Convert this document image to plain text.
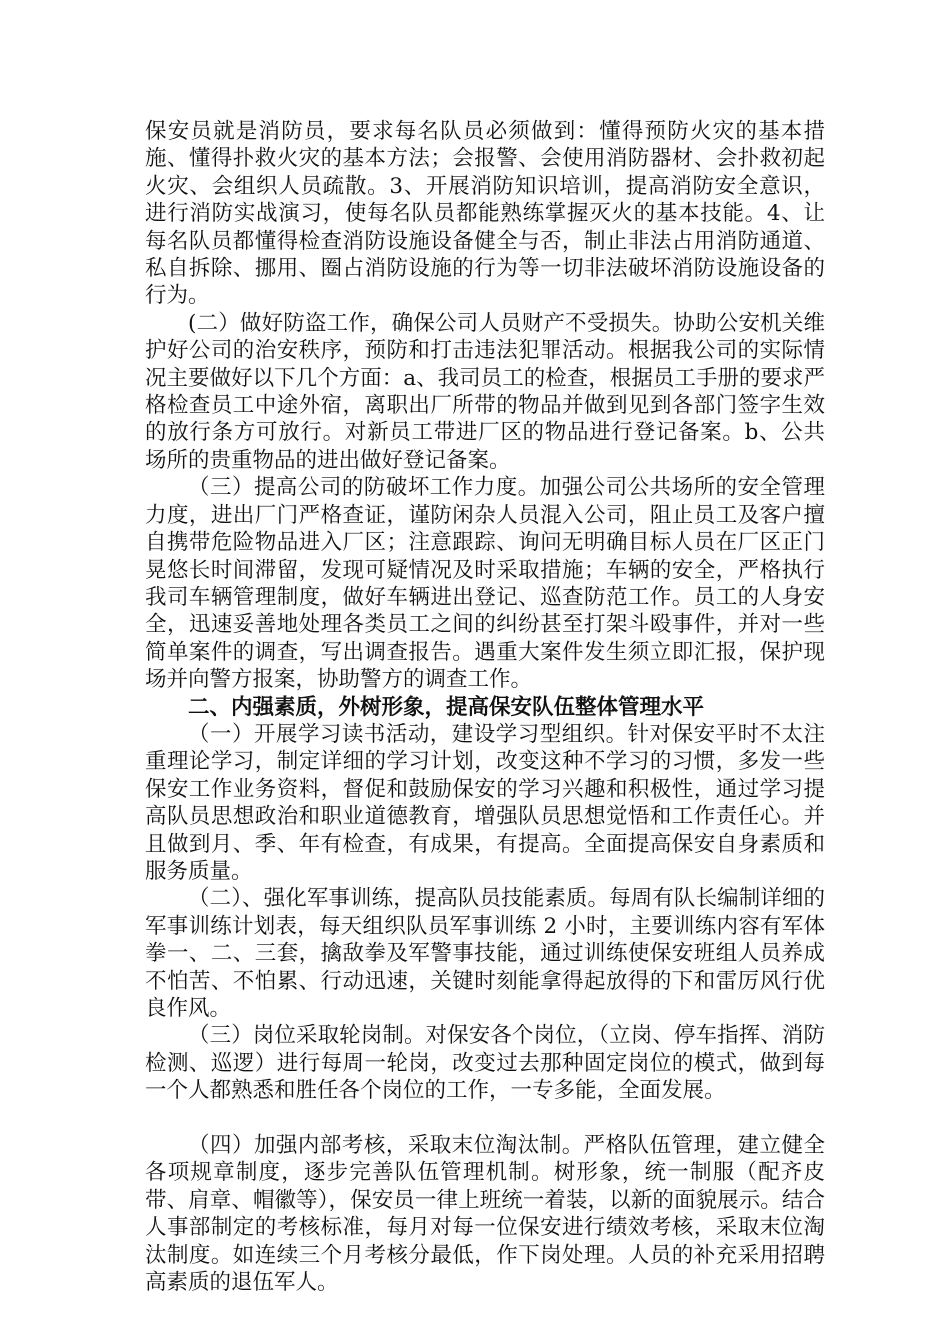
保安员就是消防员，要求每名队员必须做到：懂得预防火灾的基本措施、懂得扑救火灾的基本方法；会报警、会使用消防器材、会扑救初起火灾、会组织人员疏散。3、开展消防知识培训，提高消防安全意识，进行消防实战演习，使每名队员都能熟练掌握灭火的基本技能。4、让每名队员都懂得检查消防设施设备健全与否，制止非法占用消防通道、私自拆除、挪用、圈占消防设施的行为等一切非法破坏消防设施设备的行为。

(二）做好防盗工作，确保公司人员财产不受损失。协助公安机关维护好公司的治安秩序，预防和打击违法犯罪活动。根据我公司的实际情况主要做好以下几个方面：a、我司员工的检查，根据员工手册的要求严格检查员工中途外宿，离职出厂所带的物品并做到见到各部门签字生效的放行条方可放行。对新员工带进厂区的物品进行登记备案。b、公共场所的贵重物品的进出做好登记备案。

（三）提高公司的防破坏工作力度。加强公司公共场所的安全管理力度，进出厂门严格查证，谨防闲杂人员混入公司，阻止员工及客户擅自携带危险物品进入厂区；注意跟踪、询问无明确目标人员在厂区正门晃悠长时间滞留，发现可疑情况及时采取措施；车辆的安全，严格执行我司车辆管理制度，做好车辆进出登记、巡查防范工作。员工的人身安全，迅速妥善地处理各类员工之间的纠纷甚至打架斗殴事件，并对一些简单案件的调查，写出调查报告。遇重大案件发生须立即汇报，保护现场并向警方报案，协助警方的调查工作。

二、内强素质，外树形象，提高保安队伍整体管理水平

（一）开展学习读书活动，建设学习型组织。针对保安平时不太注重理论学习，制定详细的学习计划，改变这种不学习的习惯，多发一些保安工作业务资料，督促和鼓励保安的学习兴趣和积极性，通过学习提高队员思想政治和职业道德教育，增强队员思想觉悟和工作责任心。并且做到月、季、年有检查，有成果，有提高。全面提高保安自身素质和服务质量。

（二）、强化军事训练，提高队员技能素质。每周有队长编制详细的军事训练计划表，每天组织队员军事训练 2 小时，主要训练内容有军体拳一、二、三套，擒敌拳及军警事技能，通过训练使保安班组人员养成不怕苦、不怕累、行动迅速，关键时刻能拿得起放得的下和雷厉风行优良作风。

（三）岗位采取轮岗制。对保安各个岗位，（立岗、停车指挥、消防检测、巡逻）进行每周一轮岗，改变过去那种固定岗位的模式，做到每一个人都熟悉和胜任各个岗位的工作，一专多能，全面发展。

（四）加强内部考核，采取末位淘汰制。严格队伍管理，建立健全各项规章制度，逐步完善队伍管理机制。树形象，统一制服（配齐皮带、肩章、帽徽等），保安员一律上班统一着装，以新的面貌展示。结合人事部制定的考核标准，每月对每一位保安进行绩效考核，采取末位淘汰制度。如连续三个月考核分最低，作下岗处理。人员的补充采用招聘高素质的退伍军人。
